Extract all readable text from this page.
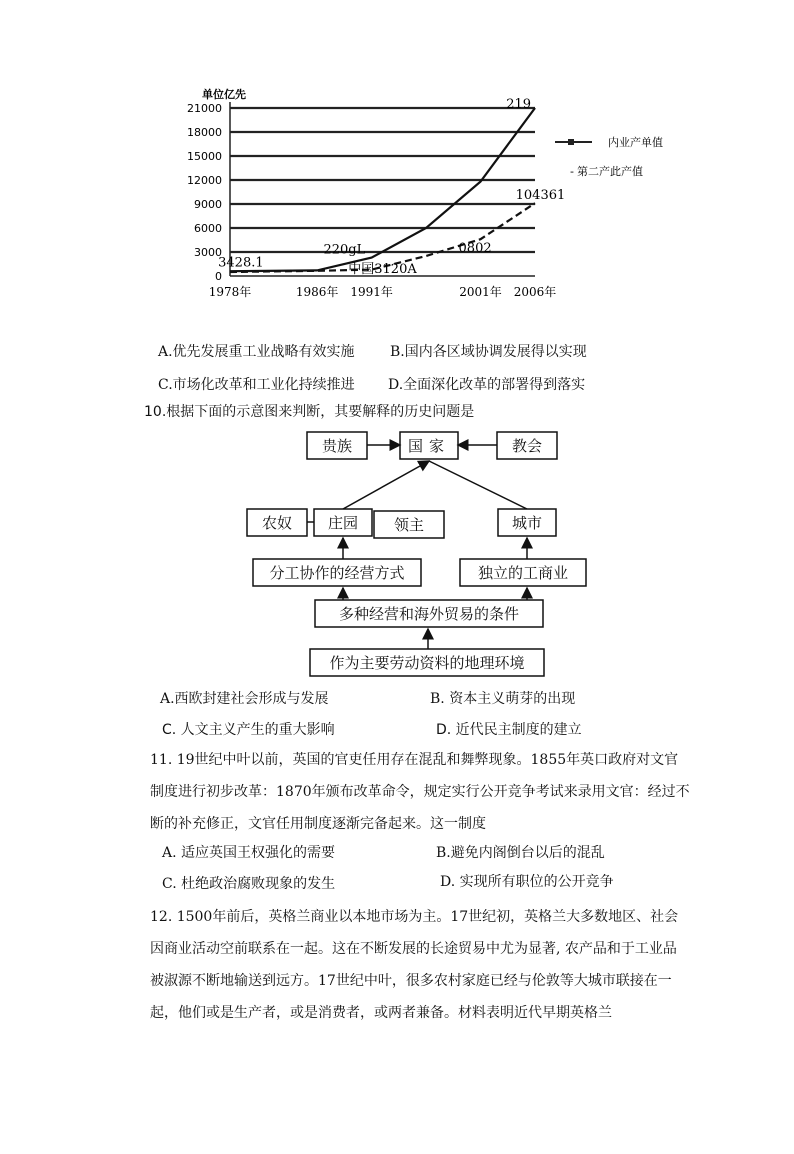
21000
18000
15000
12000
9000
6000
3000
0
1978年	1986年 1991年	2001年 2006年
219
104361
220gL	0802
3428.1	中国3120A
单位亿先
内业产单值
- 第二产此产值
A.优先发展重工业战略有效实施	B.国内各区域协调发展得以实现
C.市场化改革和工业化持续推进 D.全面深化改革的部署得到落实
10.根据下面的示意图来判断，其要解释的历史问题是
贵族	国家	教会
农奴 庄园 领主	城市
分工协作的经营方式	独立的工商业
多种经营和海外贸易的条件
作为主要劳动资料的地理环境
A.西欧封建社会形成与发展	B. 资本主义萌芽的出现
C. 人文主义产生的重大影响	D. 近代民主制度的建立
11. 19世纪中叶以前，英国的官吏任用存在混乱和舞弊现象。1855年英口政府对文官制度进行初步改革：1870年颁布改革命令，规定实行公开竞争考试来录用文官：经过不断的补充修正，文官任用制度逐渐完备起来。这一制度
A. 适应英国王权强化的需要	B.避免内阁倒台以后的混乱
C. 杜绝政治腐败现象的发生	D. 实现所有职位的公开竞争
12. 1500年前后，英格兰商业以本地市场为主。17世纪初，英格兰大多数地区、社会因商业活动空前联系在一起。这在不断发展的长途贸易中尤为显著, 农产品和于工业品被淑源不断地输送到远方。17世纪中叶，很多农村家庭已经与伦敦等大城市联接在一起，他们或是生产者，或是消费者，或两者兼备。材料表明近代早期英格兰
